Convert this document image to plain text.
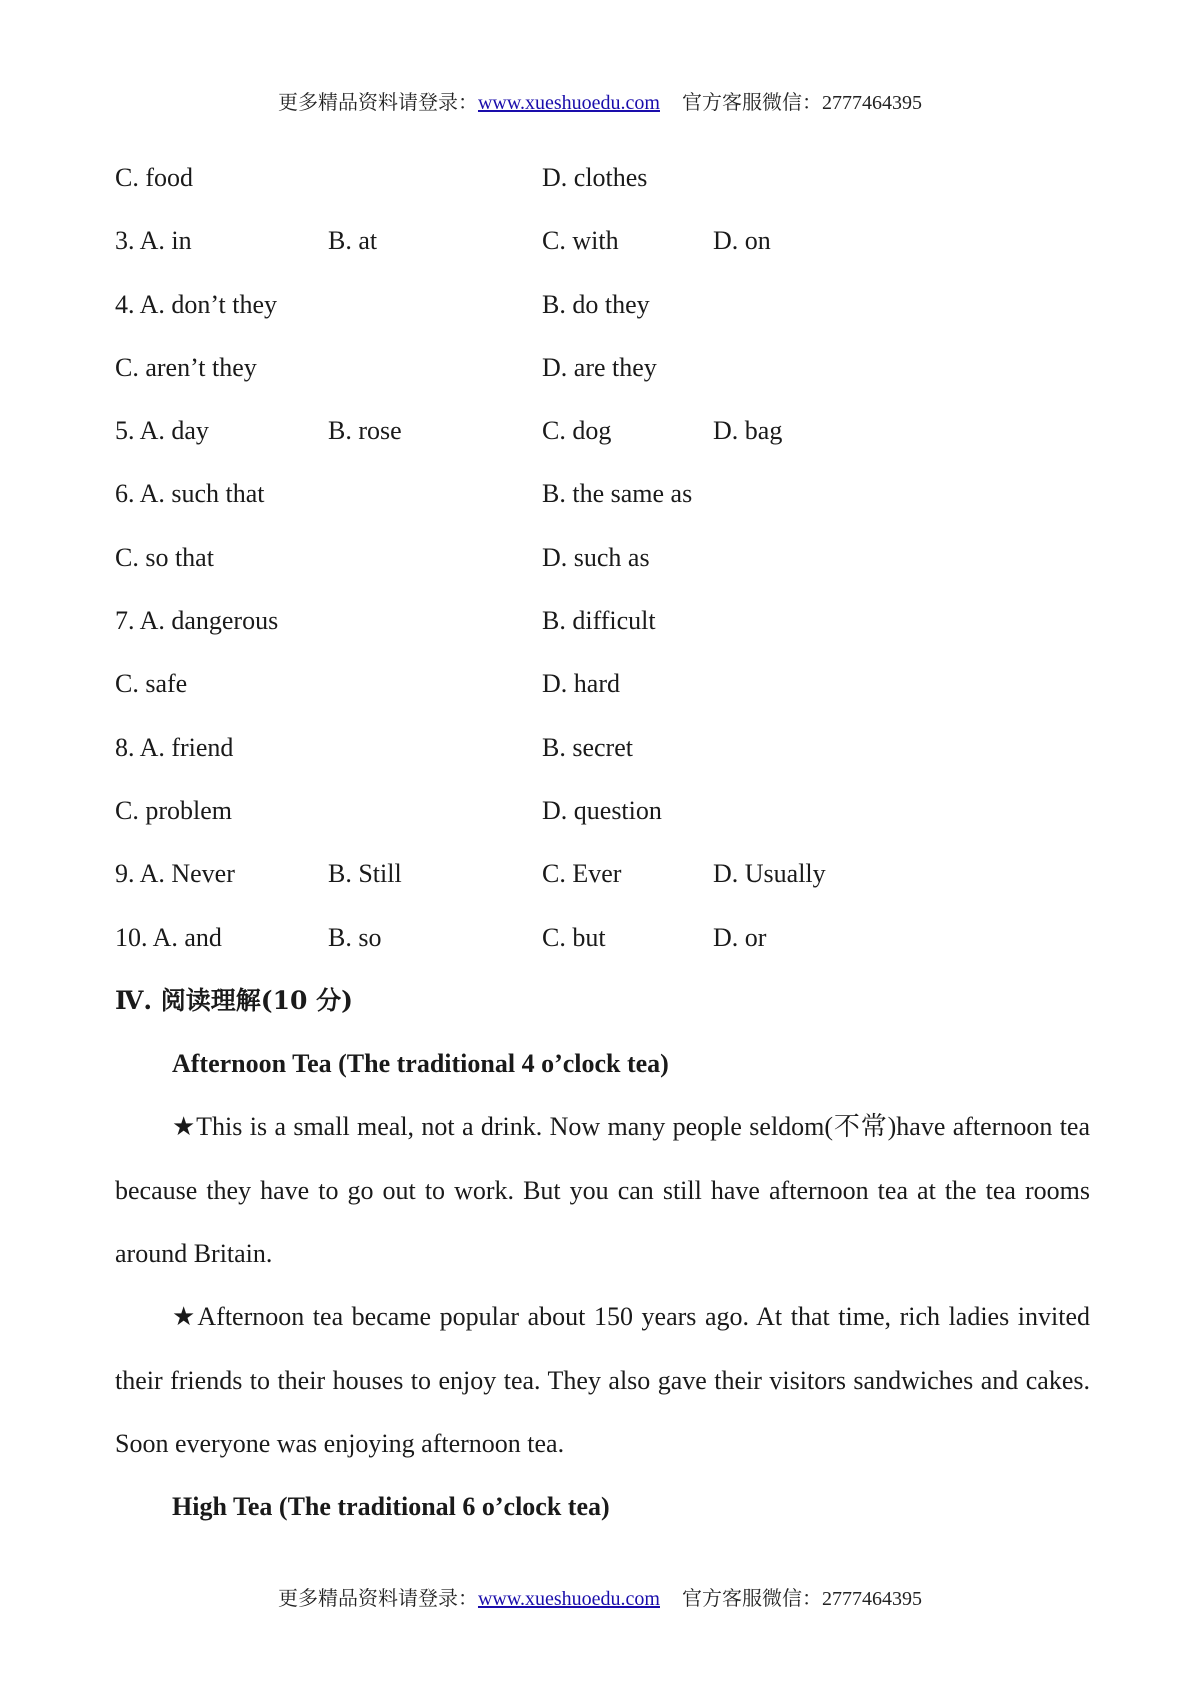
更多精品资料请登录：www.xueshuoedu.com 官方客服微信：2777464395
C. food	D. clothes
3. A. in	B. at	C. with	D. on
4. A. don’t they	B. do they
C. aren’t they	D. are they
5. A. day	B. rose	C. dog	D. bag
6. A. such that	B. the same as
C. so that	D. such as
7. A. dangerous	B. difficult
C. safe	D. hard
8. A. friend	B. secret
C. problem	D. question
9. A. Never	B. Still	C. Ever	D. Usually
10. A. and	B. so	C. but	D. or
Ⅳ. 阅读理解(10 分)
Afternoon Tea (The traditional 4 o’clock tea)

★This is a small meal, not a drink. Now many people seldom(不常)have afternoon tea because they have to go out to work. But you can still have afternoon tea at the tea rooms around Britain.

★Afternoon tea became popular about 150 years ago. At that time, rich ladies invited their friends to their houses to enjoy tea. They also gave their visitors sandwiches and cakes. Soon everyone was enjoying afternoon tea.

High Tea (The traditional 6 o’clock tea)
更多精品资料请登录：www.xueshuoedu.com 官方客服微信：2777464395
